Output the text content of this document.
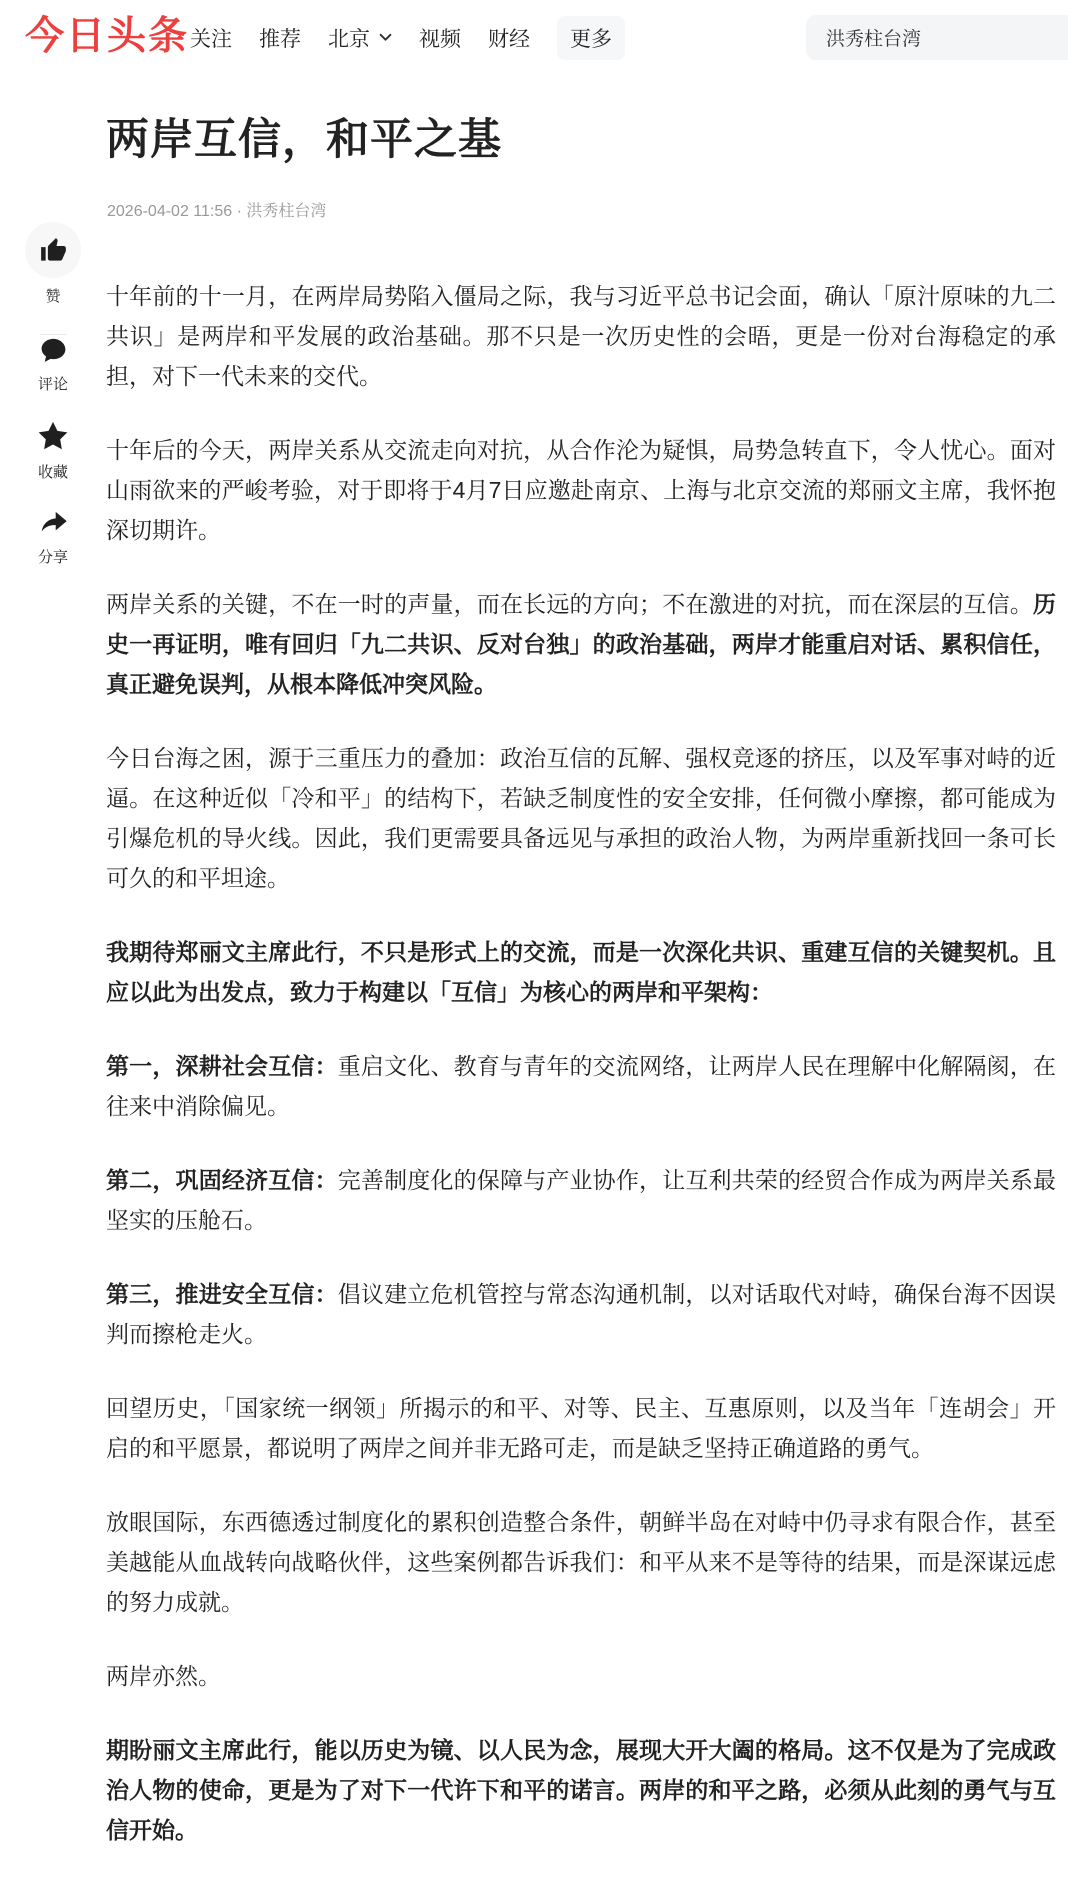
今日头条 关注 推荐 北京 视频 财经 更多
洪秀柱台湾
两岸互信，和平之基
2026-04-02 11:56 · 洪秀柱台湾
赞
评论
收藏
分享

十年前的十一月，在两岸局势陷入僵局之际，我与习近平总书记会面，确认「原汁原味的九二共识」是两岸和平发展的政治基础。那不只是一次历史性的会晤，更是一份对台海稳定的承担，对下一代未来的交代。

十年后的今天，两岸关系从交流走向对抗，从合作沦为疑惧，局势急转直下，令人忧心。面对山雨欲来的严峻考验，对于即将于4月7日应邀赴南京、上海与北京交流的郑丽文主席，我怀抱深切期许。

两岸关系的关键，不在一时的声量，而在长远的方向；不在激进的对抗，而在深层的互信。历史一再证明，唯有回归「九二共识、反对台独」的政治基础，两岸才能重启对话、累积信任，真正避免误判，从根本降低冲突风险。

今日台海之困，源于三重压力的叠加：政治互信的瓦解、强权竞逐的挤压，以及军事对峙的近逼。在这种近似「冷和平」的结构下，若缺乏制度性的安全安排，任何微小摩擦，都可能成为引爆危机的导火线。因此，我们更需要具备远见与承担的政治人物，为两岸重新找回一条可长可久的和平坦途。

我期待郑丽文主席此行，不只是形式上的交流，而是一次深化共识、重建互信的关键契机。且应以此为出发点，致力于构建以「互信」为核心的两岸和平架构：

第一，深耕社会互信：重启文化、教育与青年的交流网络，让两岸人民在理解中化解隔阂，在往来中消除偏见。

第二，巩固经济互信：完善制度化的保障与产业协作，让互利共荣的经贸合作成为两岸关系最坚实的压舱石。

第三，推进安全互信：倡议建立危机管控与常态沟通机制，以对话取代对峙，确保台海不因误判而擦枪走火。

回望历史，「国家统一纲领」所揭示的和平、对等、民主、互惠原则，以及当年「连胡会」开启的和平愿景，都说明了两岸之间并非无路可走，而是缺乏坚持正确道路的勇气。

放眼国际，东西德透过制度化的累积创造整合条件，朝鲜半岛在对峙中仍寻求有限合作，甚至美越能从血战转向战略伙伴，这些案例都告诉我们：和平从来不是等待的结果，而是深谋远虑的努力成就。

两岸亦然。

期盼丽文主席此行，能以历史为镜、以人民为念，展现大开大阖的格局。这不仅是为了完成政治人物的使命，更是为了对下一代许下和平的诺言。两岸的和平之路，必须从此刻的勇气与互信开始。
